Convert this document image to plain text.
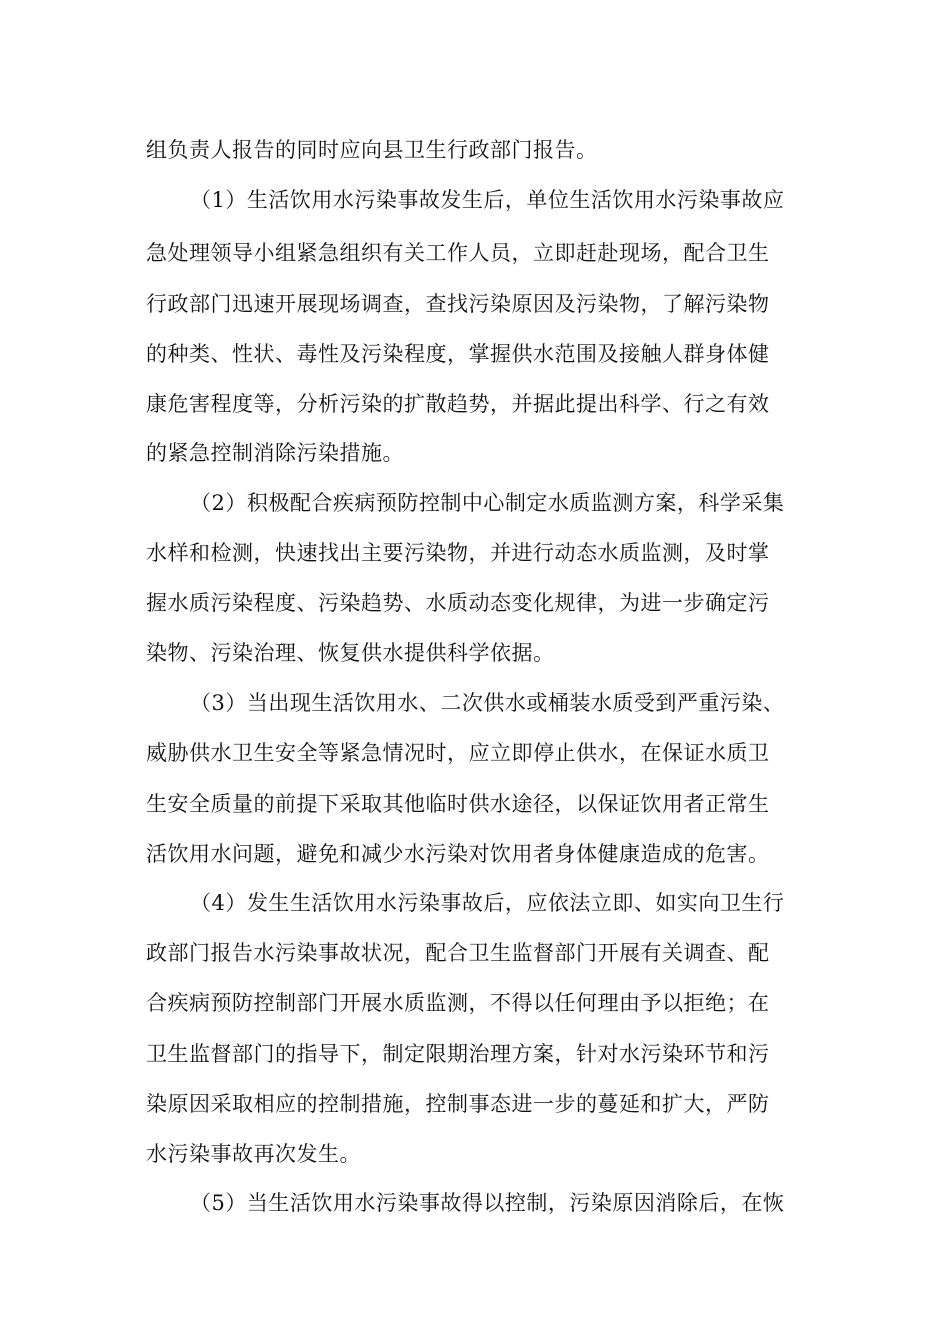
组负责人报告的同时应向县卫生行政部门报告。
（1）生活饮用水污染事故发生后，单位生活饮用水污染事故应
急处理领导小组紧急组织有关工作人员，立即赶赴现场，配合卫生
行政部门迅速开展现场调查，查找污染原因及污染物，了解污染物
的种类、性状、毒性及污染程度，掌握供水范围及接触人群身体健
康危害程度等，分析污染的扩散趋势，并据此提出科学、行之有效
的紧急控制消除污染措施。
（2）积极配合疾病预防控制中心制定水质监测方案，科学采集
水样和检测，快速找出主要污染物，并进行动态水质监测，及时掌
握水质污染程度、污染趋势、水质动态变化规律，为进一步确定污
染物、污染治理、恢复供水提供科学依据。
（3）当出现生活饮用水、二次供水或桶装水质受到严重污染、
威胁供水卫生安全等紧急情况时，应立即停止供水，在保证水质卫
生安全质量的前提下采取其他临时供水途径，以保证饮用者正常生
活饮用水问题，避免和减少水污染对饮用者身体健康造成的危害。
（4）发生生活饮用水污染事故后，应依法立即、如实向卫生行
政部门报告水污染事故状况，配合卫生监督部门开展有关调查、配
合疾病预防控制部门开展水质监测，不得以任何理由予以拒绝；在
卫生监督部门的指导下，制定限期治理方案，针对水污染环节和污
染原因采取相应的控制措施，控制事态进一步的蔓延和扩大，严防
水污染事故再次发生。
（5）当生活饮用水污染事故得以控制，污染原因消除后，在恢
